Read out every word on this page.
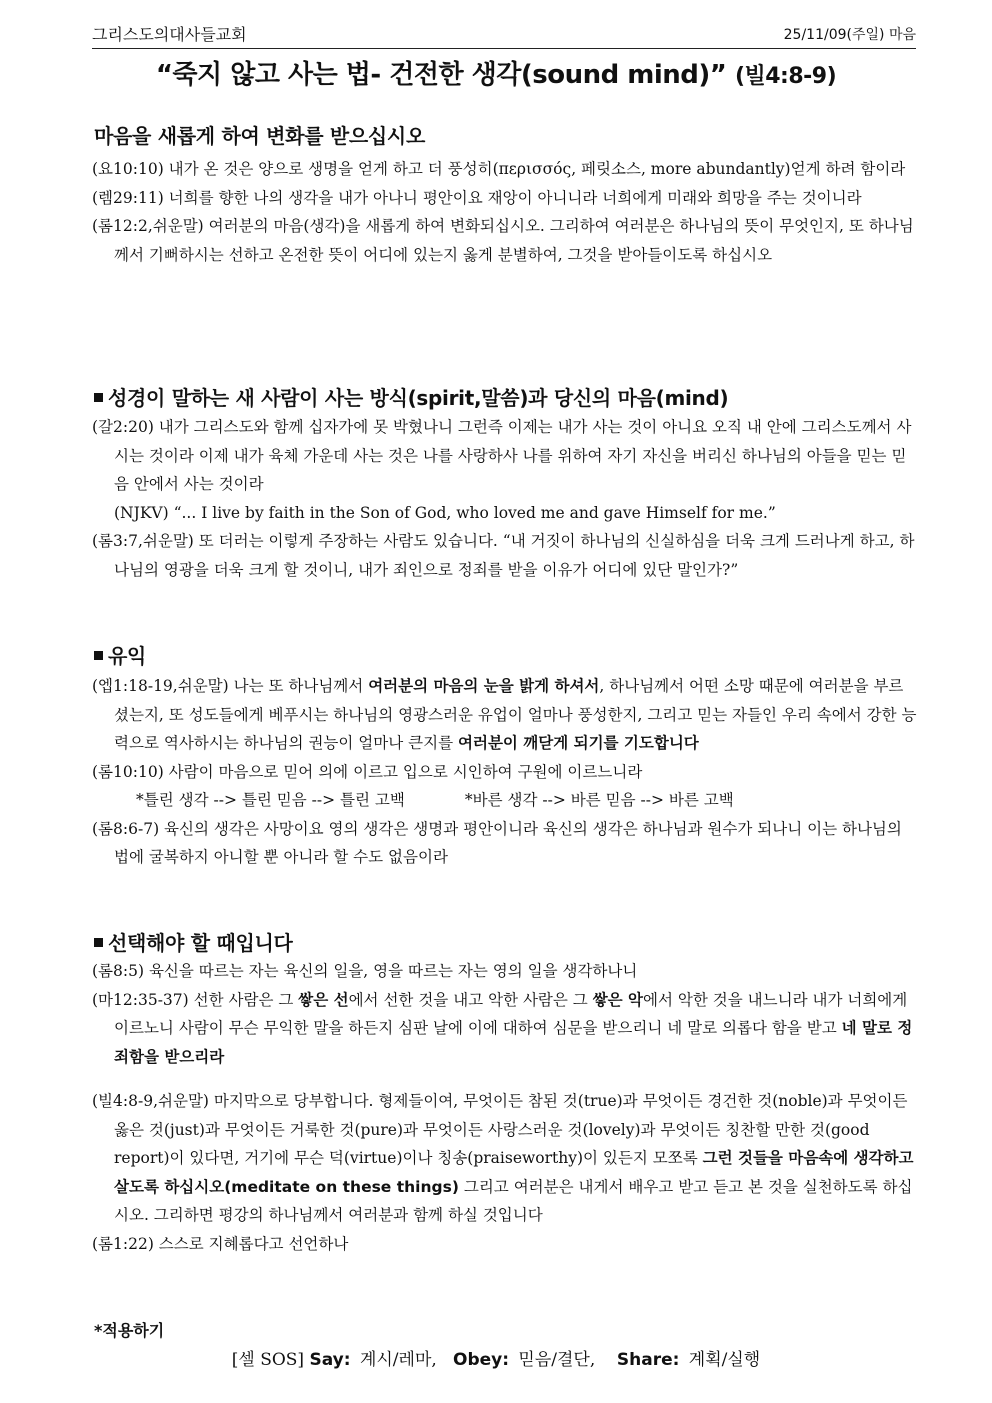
그리스도의대사들교회	25/11/09(주일) 마음
“죽지 않고 사는 법- 건전한 생각(sound mind)” (빌4:8-9)
마음을 새롭게 하여 변화를 받으십시오

(요10:10) 내가 온 것은 양으로 생명을 얻게 하고 더 풍성히(περισσός, 페릿소스, more abundantly)얻게 하려 함이라

(렘29:11) 너희를 향한 나의 생각을 내가 아나니 평안이요 재앙이 아니니라 너희에게 미래와 희망을 주는 것이니라

(롬12:2,쉬운말) 여러분의 마음(생각)을 새롭게 하여 변화되십시오. 그리하여 여러분은 하나님의 뜻이 무엇인지, 또 하나님께서 기뻐하시는 선하고 온전한 뜻이 어디에 있는지 옳게 분별하여, 그것을 받아들이도록 하십시오

성경이 말하는 새 사람이 사는 방식(spirit,말씀)과 당신의 마음(mind)

(갈2:20) 내가 그리스도와 함께 십자가에 못 박혔나니 그런즉 이제는 내가 사는 것이 아니요 오직 내 안에 그리스도께서 사시는 것이라 이제 내가 육체 가운데 사는 것은 나를 사랑하사 나를 위하여 자기 자신을 버리신 하나님의 아들을 믿는 믿음 안에서 사는 것이라

(NJKV) “... I live by faith in the Son of God, who loved me and gave Himself for me.”

(롬3:7,쉬운말) 또 더러는 이렇게 주장하는 사람도 있습니다. “내 거짓이 하나님의 신실하심을 더욱 크게 드러나게 하고, 하나님의 영광을 더욱 크게 할 것이니, 내가 죄인으로 정죄를 받을 이유가 어디에 있단 말인가?”

유익

(엡1:18-19,쉬운말) 나는 또 하나님께서 여러분의 마음의 눈을 밝게 하셔서, 하나님께서 어떤 소망 때문에 여러분을 부르셨는지, 또 성도들에게 베푸시는 하나님의 영광스러운 유업이 얼마나 풍성한지, 그리고 믿는 자들인 우리 속에서 강한 능력으로 역사하시는 하나님의 권능이 얼마나 큰지를 여러분이 깨닫게 되기를 기도합니다

(롬10:10) 사람이 마음으로 믿어 의에 이르고 입으로 시인하여 구원에 이르느니라

*틀린 생각 --> 틀린 믿음 --> 틀린 고백	*바른 생각 --> 바른 믿음 --> 바른 고백

(롬8:6-7) 육신의 생각은 사망이요 영의 생각은 생명과 평안이니라 육신의 생각은 하나님과 원수가 되나니 이는 하나님의 법에 굴복하지 아니할 뿐 아니라 할 수도 없음이라

선택해야 할 때입니다

(롬8:5) 육신을 따르는 자는 육신의 일을, 영을 따르는 자는 영의 일을 생각하나니

(마12:35-37) 선한 사람은 그 쌓은 선에서 선한 것을 내고 악한 사람은 그 쌓은 악에서 악한 것을 내느니라 내가 너희에게 이르노니 사람이 무슨 무익한 말을 하든지 심판 날에 이에 대하여 심문을 받으리니 네 말로 의롭다 함을 받고 네 말로 정죄함을 받으리라

(빌4:8-9,쉬운말) 마지막으로 당부합니다. 형제들이여, 무엇이든 참된 것(true)과 무엇이든 경건한 것(noble)과 무엇이든 옳은 것(just)과 무엇이든 거룩한 것(pure)과 무엇이든 사랑스러운 것(lovely)과 무엇이든 칭찬할 만한 것(good report)이 있다면, 거기에 무슨 덕(virtue)이나 칭송(praiseworthy)이 있든지 모쪼록 그런 것들을 마음속에 생각하고 살도록 하십시오(meditate on these things) 그리고 여러분은 내게서 배우고 받고 듣고 본 것을 실천하도록 하십시오. 그리하면 평강의 하나님께서 여러분과 함께 하실 것입니다

(롬1:22) 스스로 지혜롭다고 선언하나

*적용하기
[셀 SOS] Say: 계시/레마,   Obey: 믿음/결단,    Share: 계획/실행
